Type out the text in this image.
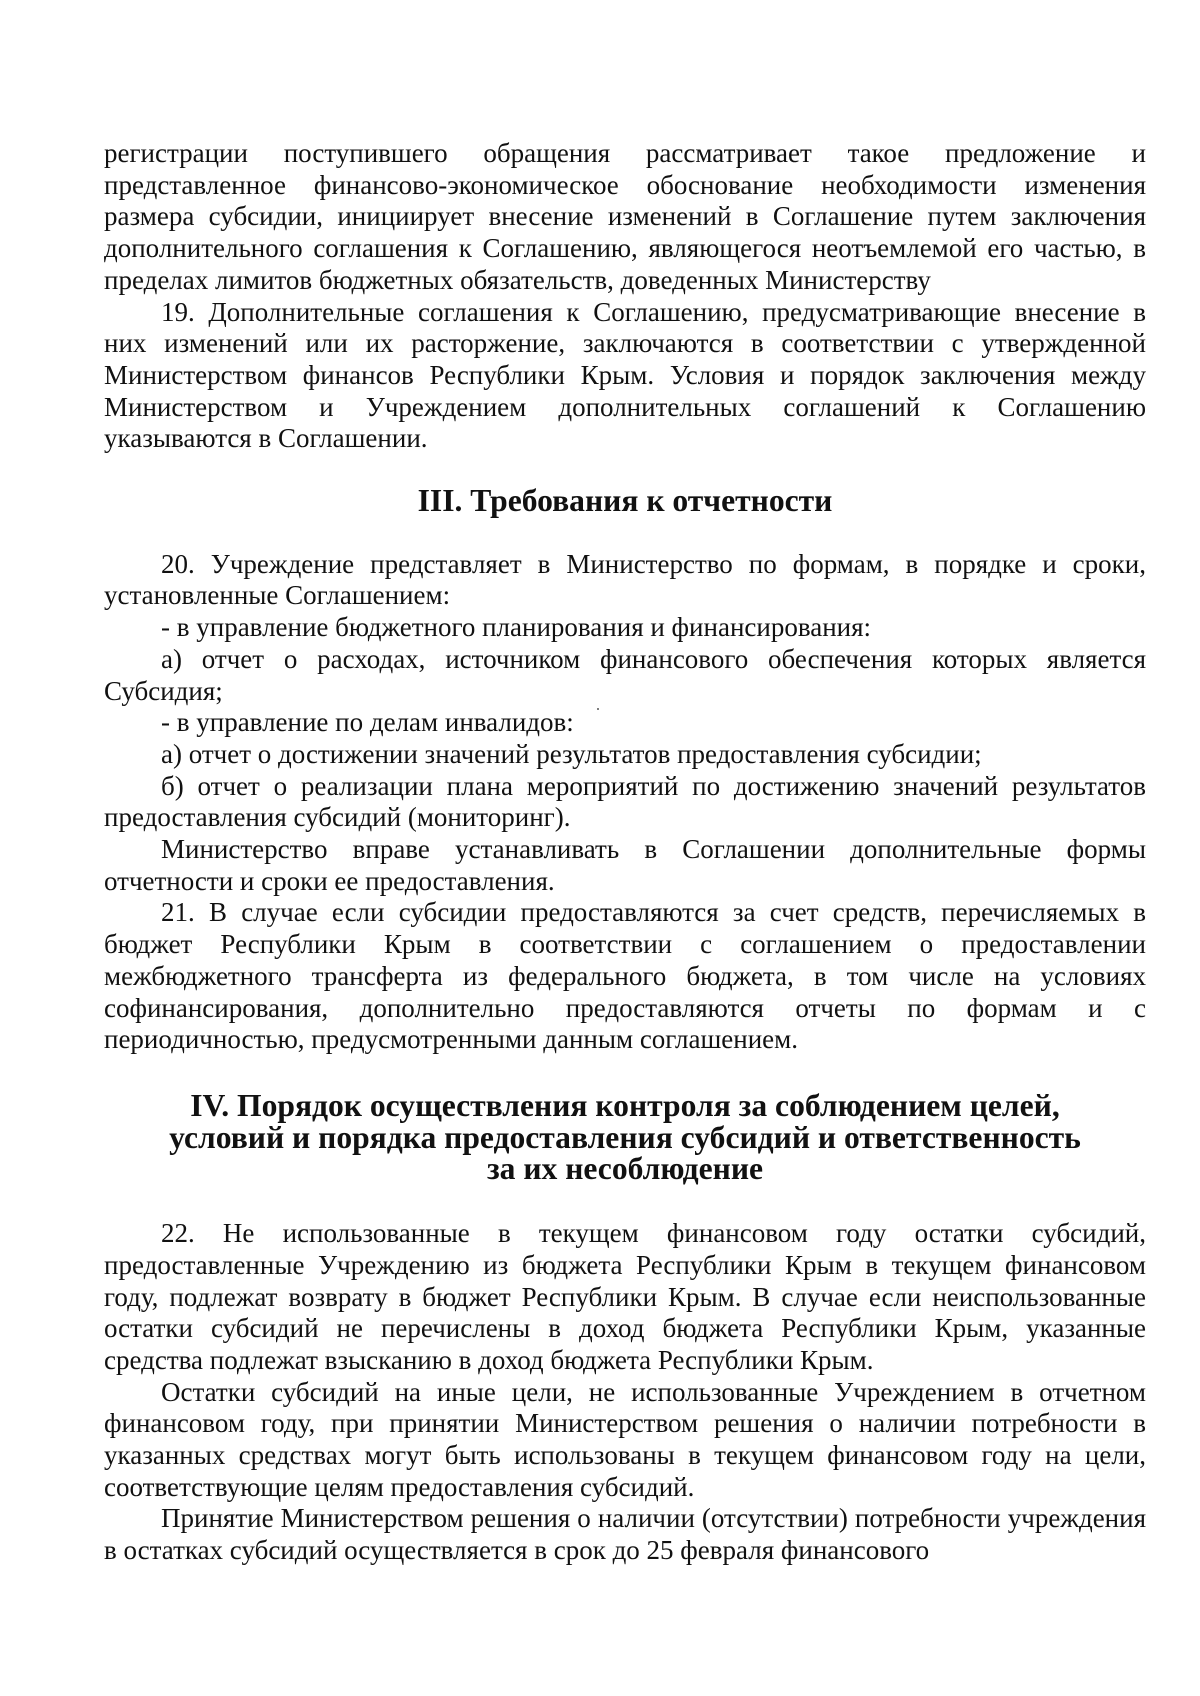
регистрации поступившего обращения рассматривает такое предложение и представленное финансово-экономическое обоснование необходимости изменения размера субсидии, инициирует внесение изменений в Соглашение путем заключения дополнительного соглашения к Соглашению, являющегося неотъемлемой его частью, в пределах лимитов бюджетных обязательств, доведенных Министерству

19. Дополнительные соглашения к Соглашению, предусматривающие внесение в них изменений или их расторжение, заключаются в соответствии с утвержденной Министерством финансов Республики Крым. Условия и порядок заключения между Министерством и Учреждением дополнительных соглашений к Соглашению указываются в Соглашении.

III. Требования к отчетности

20. Учреждение представляет в Министерство по формам, в порядке и сроки, установленные Соглашением:

- в управление бюджетного планирования и финансирования:

а) отчет о расходах, источником финансового обеспечения которых является Субсидия;

- в управление по делам инвалидов:

а) отчет о достижении значений результатов предоставления субсидии;

б) отчет о реализации плана мероприятий по достижению значений результатов предоставления субсидий (мониторинг).

Министерство вправе устанавливать в Соглашении дополнительные формы отчетности и сроки ее предоставления.

21. В случае если субсидии предоставляются за счет средств, перечисляемых в бюджет Республики Крым в соответствии с соглашением о предоставлении межбюджетного трансферта из федерального бюджета, в том числе на условиях софинансирования, дополнительно предоставляются отчеты по формам и с периодичностью, предусмотренными данным соглашением.

IV. Порядок осуществления контроля за соблюдением целей,
условий и порядка предоставления субсидий и ответственность
за их несоблюдение

22. Не использованные в текущем финансовом году остатки субсидий, предоставленные Учреждению из бюджета Республики Крым в текущем финансовом году, подлежат возврату в бюджет Республики Крым. В случае если неиспользованные остатки субсидий не перечислены в доход бюджета Республики Крым, указанные средства подлежат взысканию в доход бюджета Республики Крым.

Остатки субсидий на иные цели, не использованные Учреждением в отчетном финансовом году, при принятии Министерством решения о наличии потребности в указанных средствах могут быть использованы в текущем финансовом году на цели, соответствующие целям предоставления субсидий.

Принятие Министерством решения о наличии (отсутствии) потребности учреждения в остатках субсидий осуществляется в срок до 25 февраля финансового
